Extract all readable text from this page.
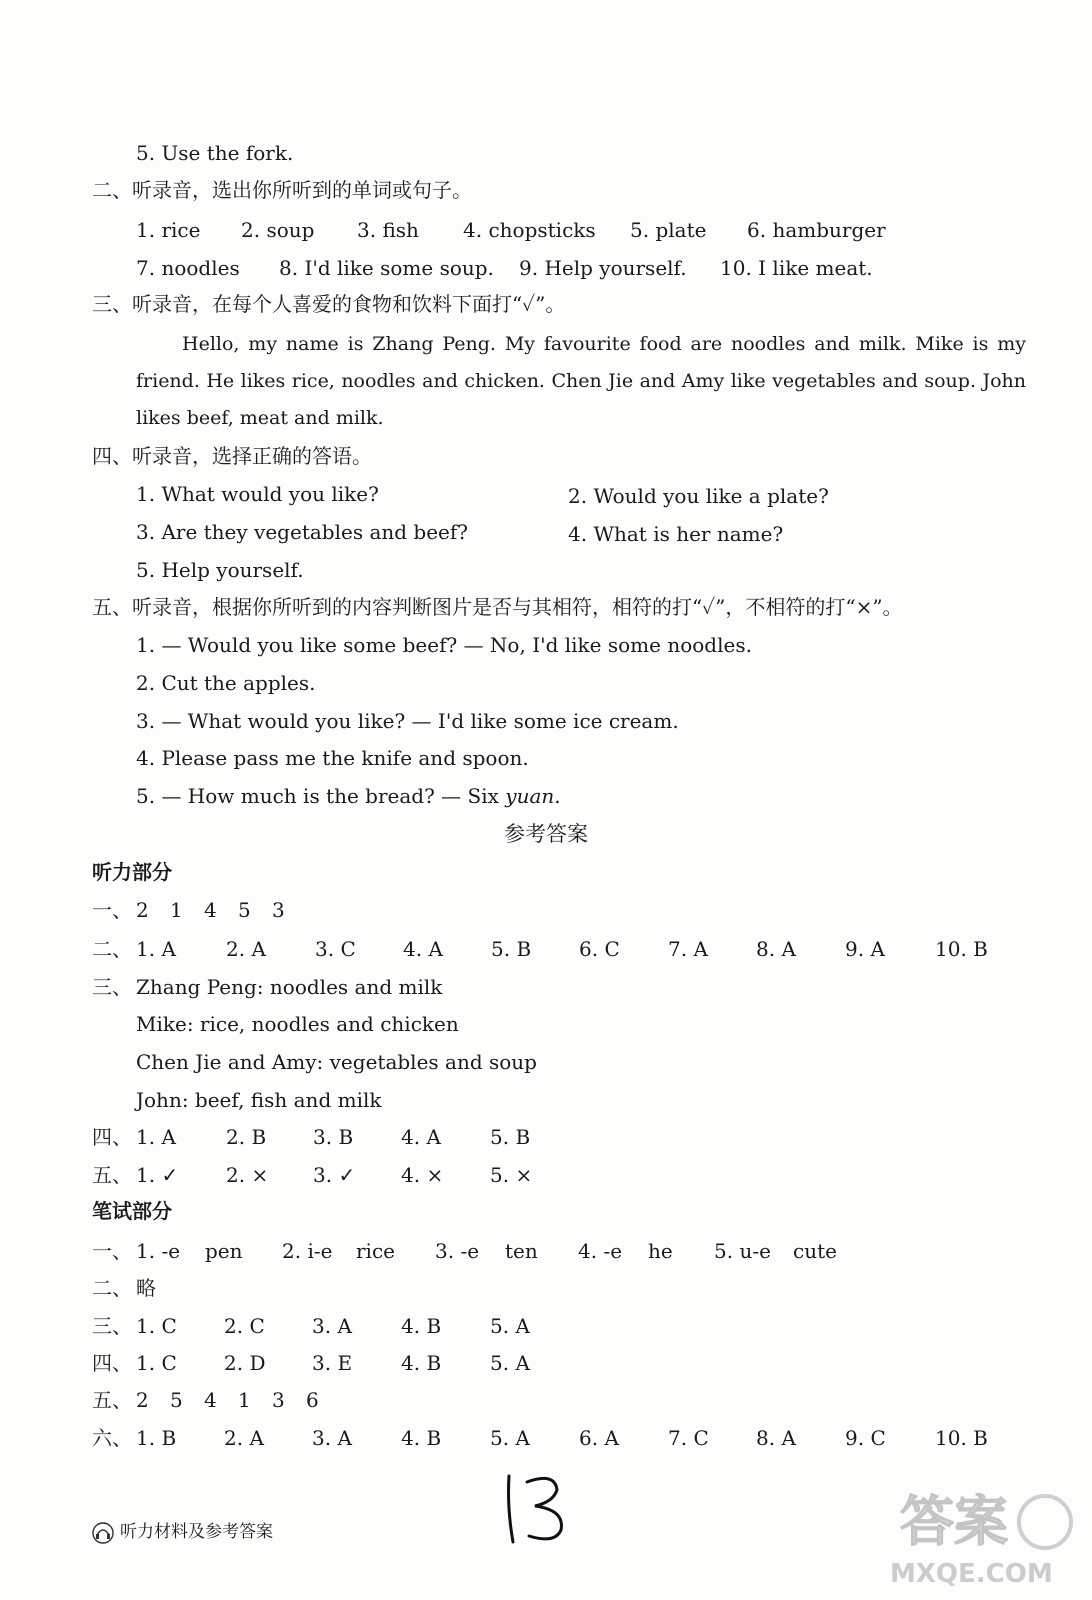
5. Use the fork.
二、听录音，选出你所听到的单词或句子。
1. rice 2. soup 3. fish 4. chopsticks 5. plate 6. hamburger
7. noodles 8. I'd like some soup. 9. Help yourself. 10. I like meat.
三、听录音，在每个人喜爱的食物和饮料下面打“✓”。
Hello, my name is Zhang Peng. My favourite food are noodles and milk. Mike is my friend. He likes rice, noodles and chicken. Chen Jie and Amy like vegetables and soup. John likes beef, meat and milk.
四、听录音，选择正确的答语。
1. What would you like?	2. Would you like a plate?
3. Are they vegetables and beef?	4. What is her name?
5. Help yourself.
五、听录音，根据你所听到的内容判断图片是否与其相符，相符的打“✓”，不相符的打“×”。
1. — Would you like some beef? — No, I'd like some noodles.
2. Cut the apples.
3. — What would you like? — I'd like some ice cream.
4. Please pass me the knife and spoon.
5. — How much is the bread? — Six yuan.
参考答案
听力部分
一、 2 1 4 5 3
二、 1. A	2. A 3. C 4. A 5. B 6. C 7. A 8. A 9. A	10. B
三、 Zhang Peng: noodles and milk
Mike: rice, noodles and chicken
Chen Jie and Amy: vegetables and soup
John: beef, fish and milk
四、 1. A	2. B 3. B 4. A 5. B
五、 1. ✓ 2. × 3. ✓ 4. × 5. ×
笔试部分
一、 1. -e pen 2. i-e rice 3. -e ten 4. -e he 5. u-e cute
二、 略
三、 1. C 2. C 3. A 4. B 5. A
四、 1. C 2. D 3. E 4. B 5. A
五、 2 5 4 1 3 6
六、 1. B 2. A 3. A 4. B 5. A 6. A 7. C 8. A 9. C 10. B
听力材料及参考答案	答案
MXQE.COM
